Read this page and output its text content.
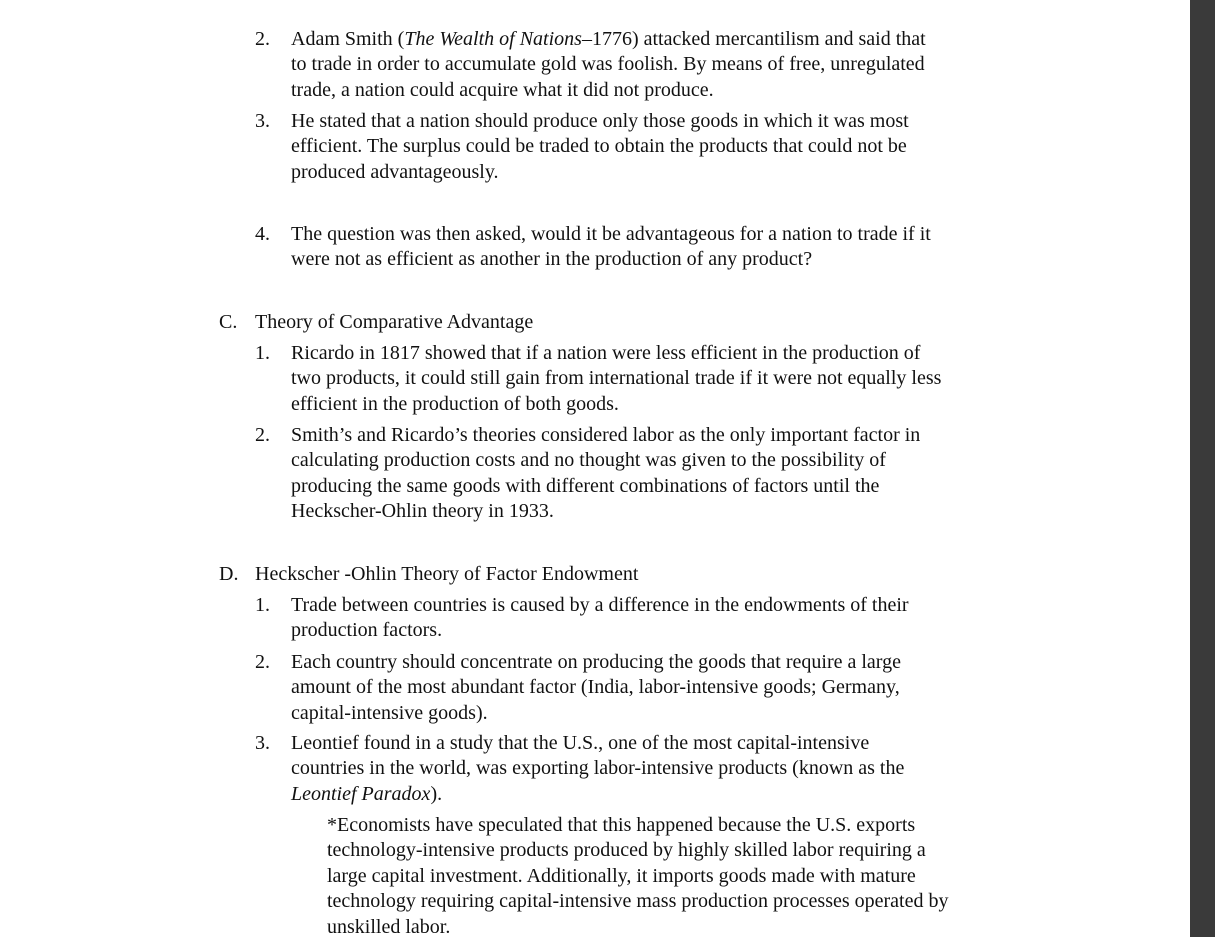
2.	Adam Smith (The Wealth of Nations–1776) attacked mercantilism and said that
to trade in order to accumulate gold was foolish. By means of free, unregulated
trade, a nation could acquire what it did not produce.
3.	He stated that a nation should produce only those goods in which it was most
efficient. The surplus could be traded to obtain the products that could not be
produced advantageously.
4.	The question was then asked, would it be advantageous for a nation to trade if it
were not as efficient as another in the production of any product?
C. Theory of Comparative Advantage
1.	Ricardo in 1817 showed that if a nation were less efficient in the production of
two products, it could still gain from international trade if it were not equally less
efficient in the production of both goods.
2.	Smith’s and Ricardo’s theories considered labor as the only important factor in
calculating production costs and no thought was given to the possibility of
producing the same goods with different combinations of factors until the
Heckscher-Ohlin theory in 1933.
D. Heckscher -Ohlin Theory of Factor Endowment
1.	Trade between countries is caused by a difference in the endowments of their
production factors.
2.	Each country should concentrate on producing the goods that require a large
amount of the most abundant factor (India, labor-intensive goods; Germany,
capital-intensive goods).
3.	Leontief found in a study that the U.S., one of the most capital-intensive
countries in the world, was exporting labor-intensive products (known as the
Leontief Paradox).
*Economists have speculated that this happened because the U.S. exports
technology-intensive products produced by highly skilled labor requiring a
large capital investment. Additionally, it imports goods made with mature
technology requiring capital-intensive mass production processes operated by
unskilled labor.
